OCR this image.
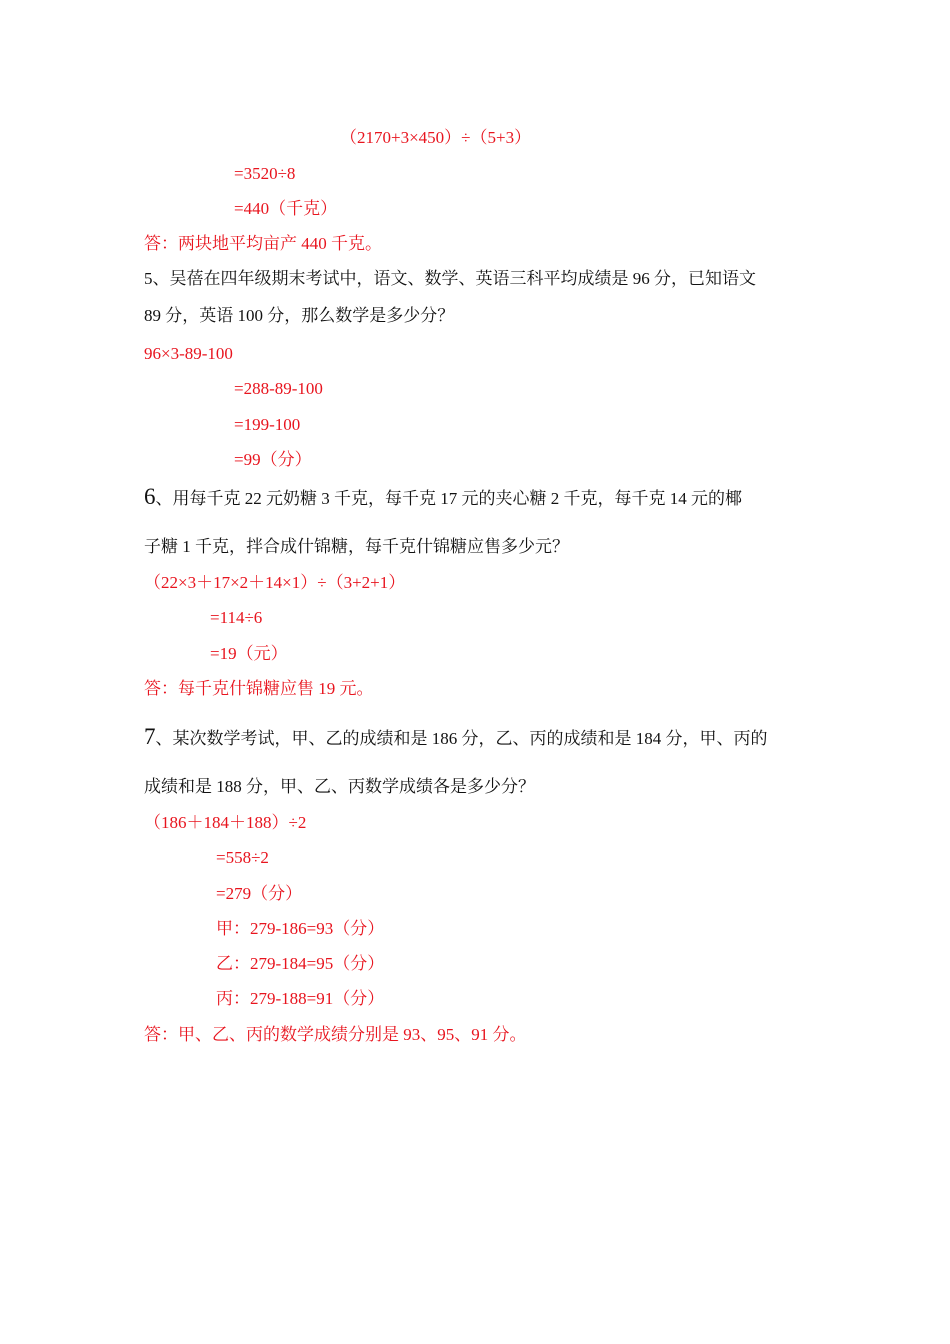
（2170+3×450）÷（5+3）
=3520÷8
=440（千克）
答：两块地平均亩产 440 千克。
5、吴蓓在四年级期末考试中，语文、数学、英语三科平均成绩是 96 分，已知语文
89 分，英语 100 分，那么数学是多少分？
96×3-89-100
=288-89-100
=199-100
=99（分）
6、用每千克 22 元奶糖 3 千克，每千克 17 元的夹心糖 2 千克，每千克 14 元的椰
子糖 1 千克，拌合成什锦糖，每千克什锦糖应售多少元？
（22×3＋17×2＋14×1）÷（3+2+1）
=114÷6
=19（元）
答：每千克什锦糖应售 19 元。
7、某次数学考试，甲、乙的成绩和是 186 分，乙、丙的成绩和是 184 分，甲、丙的
成绩和是 188 分，甲、乙、丙数学成绩各是多少分？
（186＋184＋188）÷2
=558÷2
=279（分）
甲：279-186=93（分）
乙：279-184=95（分）
丙：279-188=91（分）
答：甲、乙、丙的数学成绩分别是 93、95、91 分。
